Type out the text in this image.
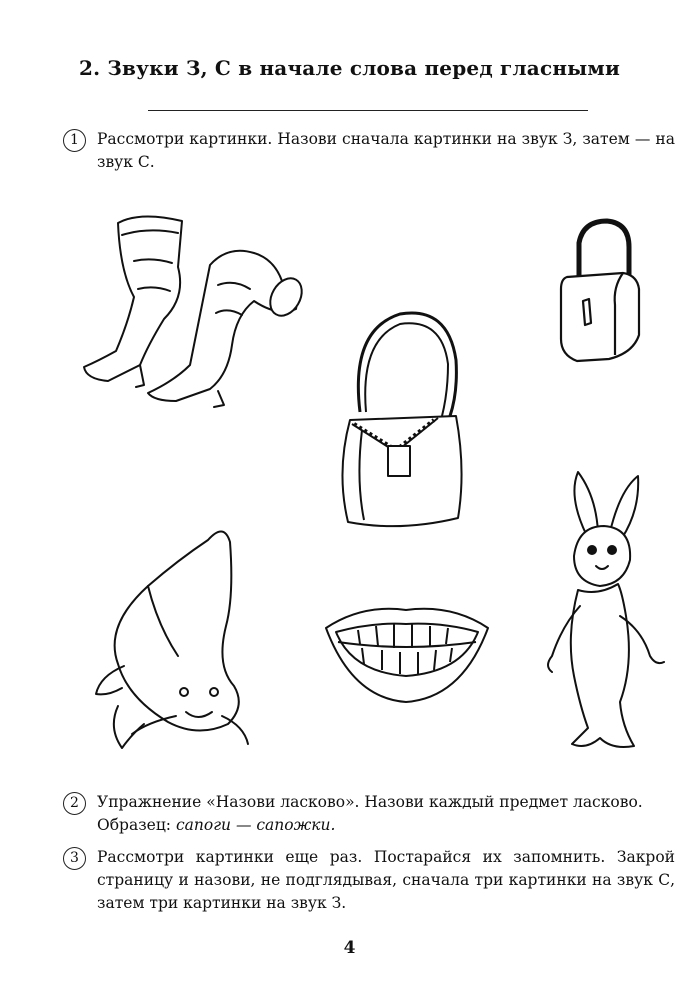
2. Звуки З, С в начале слова перед гласными
1	Рассмотри картинки. Назови сначала картинки на звук З, затем — на звук С.
2	Упражнение «Назови ласково». Назови каждый предмет ласково.
Образец: сапоги — сапожки.
3	Рассмотри картинки еще раз. Постарайся их запомнить. Закрой страницу и назови, не подглядывая, сначала три картинки на звук С, затем три картинки на звук З.
4
